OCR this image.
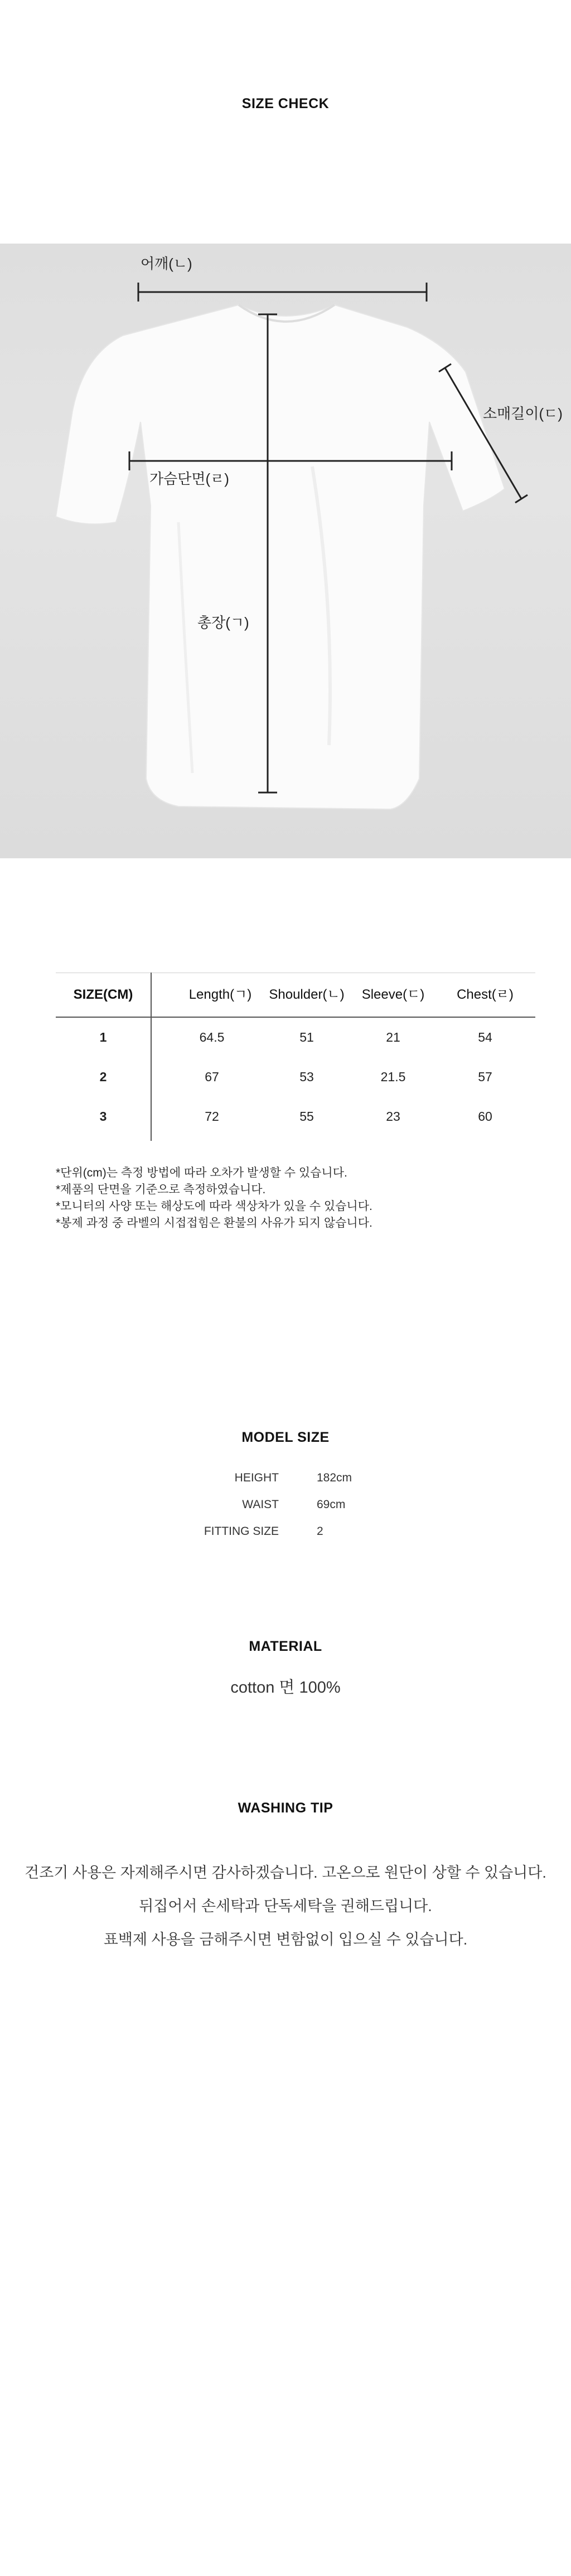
SIZE CHECK
어깨(ㄴ)
소매길이(ㄷ)
가슴단면(ㄹ)
총장(ㄱ)
SIZE(CM)	Length(ㄱ)	Shoulder(ㄴ)	Sleeve(ㄷ)	Chest(ㄹ)
1	64.5	51	21	54
2	67	53	21.5	57
3	72	55	23	60
*단위(cm)는 측정 방법에 따라 오차가 발생할 수 있습니다.
*제품의 단면을 기준으로 측정하였습니다.
*모니터의 사양 또는 해상도에 따라 색상차가 있을 수 있습니다.
*봉제 과정 중 라벨의 시접접힘은 환불의 사유가 되지 않습니다.
MODEL SIZE
HEIGHT	182cm
WAIST	69cm
FITTING SIZE	2
MATERIAL
cotton 면 100%
WASHING TIP
건조기 사용은 자제해주시면 감사하겠습니다. 고온으로 원단이 상할 수 있습니다.
뒤집어서 손세탁과 단독세탁을 권해드립니다.
표백제 사용을 금해주시면 변함없이 입으실 수 있습니다.
